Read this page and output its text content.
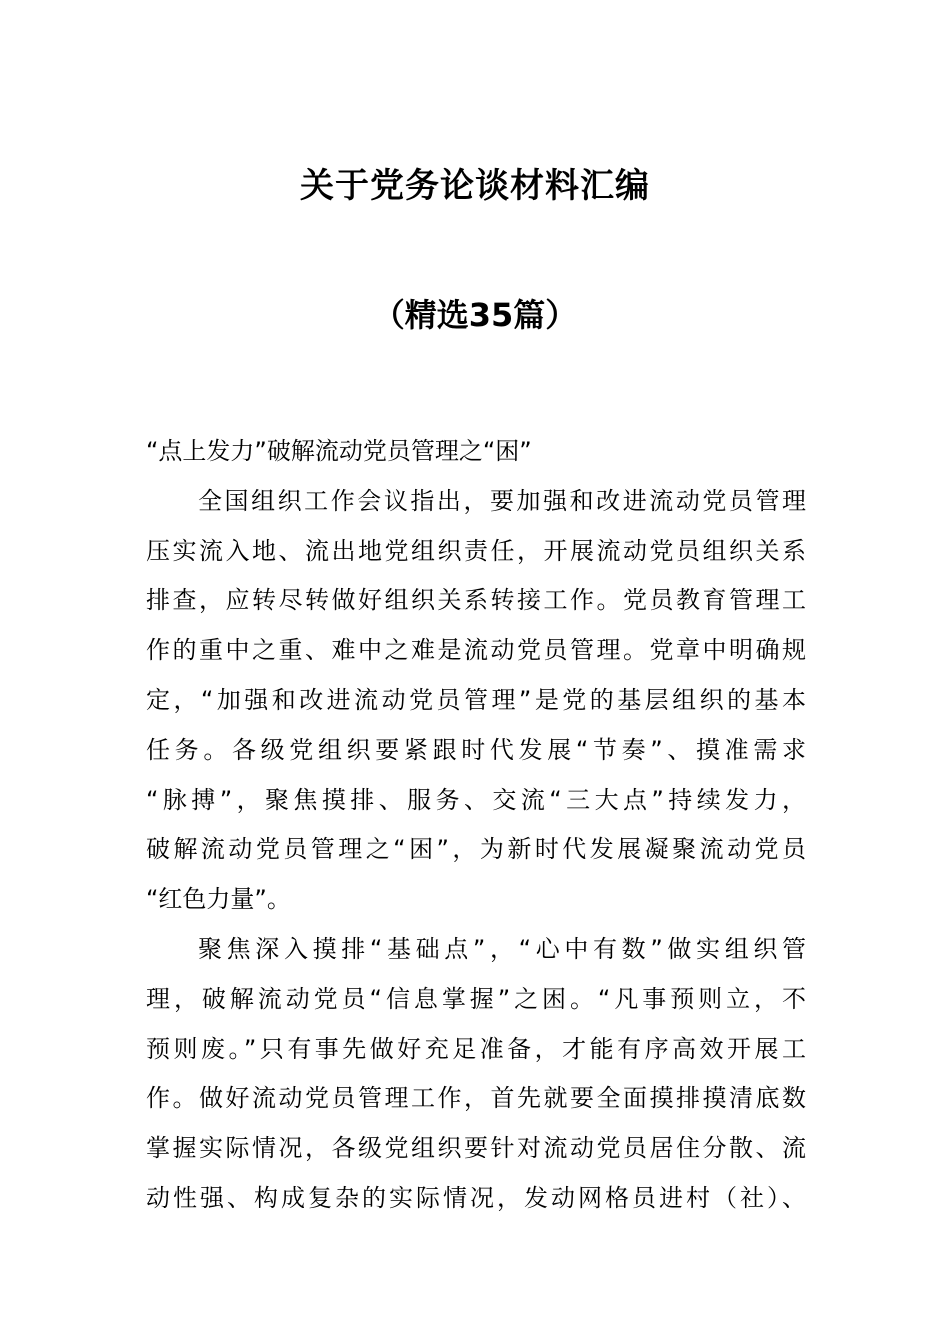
关于党务论谈材料汇编
（精选35篇）
“点上发力”破解流动党员管理之“困”
全国组织工作会议指出，要加强和改进流动党员管理
压实流入地、流出地党组织责任，开展流动党员组织关系
排查，应转尽转做好组织关系转接工作。党员教育管理工
作的重中之重、难中之难是流动党员管理。党章中明确规
定，“加强和改进流动党员管理”是党的基层组织的基本
任务。各级党组织要紧跟时代发展“节奏”、摸准需求
“脉搏”，聚焦摸排、服务、交流“三大点”持续发力，
破解流动党员管理之“困”，为新时代发展凝聚流动党员
“红色力量”。
聚焦深入摸排“基础点”，“心中有数”做实组织管
理，破解流动党员“信息掌握”之困。“凡事预则立，不
预则废。”只有事先做好充足准备，才能有序高效开展工
作。做好流动党员管理工作，首先就要全面摸排摸清底数
掌握实际情况，各级党组织要针对流动党员居住分散、流
动性强、构成复杂的实际情况，发动网格员进村（社）、
